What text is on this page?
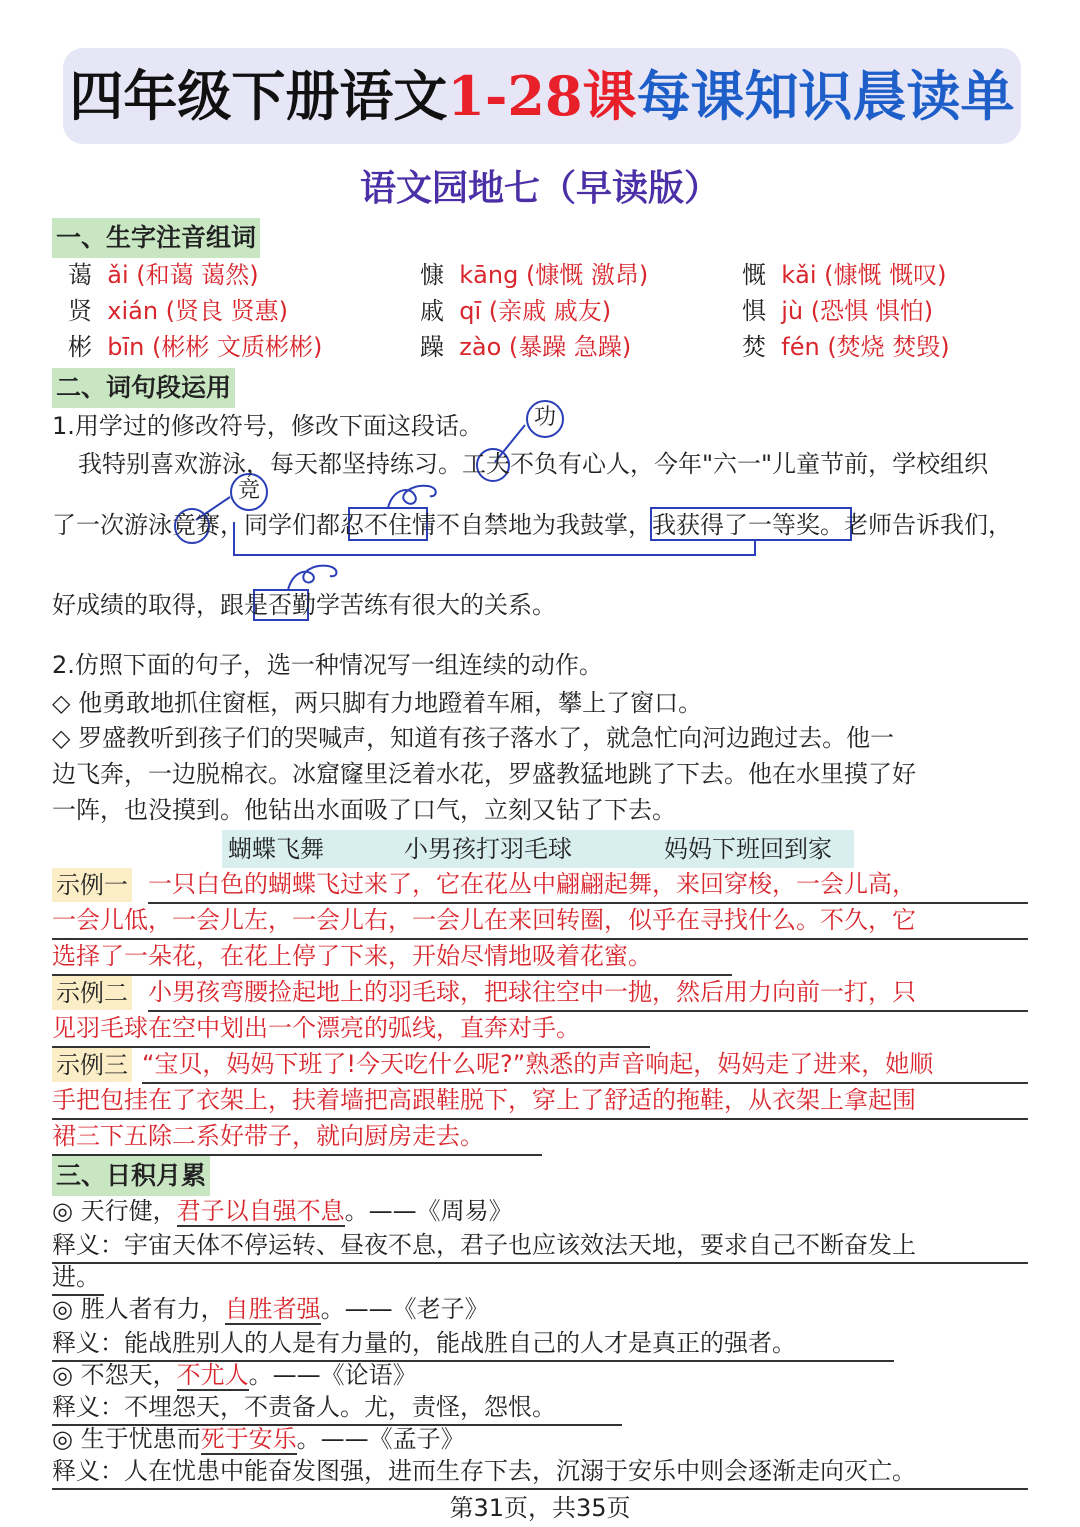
四年级下册语文1-28课每课知识晨读单
语文园地七（早读版）
一、生字注音组词
蔼 ǎi (和蔼 蔼然)	慷 kāng (慷慨 激昂)	慨 kǎi (慷慨 慨叹)
贤 xián (贤良 贤惠)	戚 qī (亲戚 戚友)	惧 jù (恐惧 惧怕)
彬 bīn (彬彬 文质彬彬)	躁 zào (暴躁 急躁)	焚 fén (焚烧 焚毁)
二、词句段运用
1.用学过的修改符号，修改下面这段话。	功
竞
我特别喜欢游泳，每天都坚持练习。工夫不负有心人，今年"六一"儿童节前，学校组织
了一次游泳竟赛，同学们都忍不住情不自禁地为我鼓掌，我获得了一等奖。老师告诉我们，
好成绩的取得，跟是否勤学苦练有很大的关系。
2.仿照下面的句子，选一种情况写一组连续的动作。
◇ 他勇敢地抓住窗框，两只脚有力地蹬着车厢，攀上了窗口。
◇ 罗盛教听到孩子们的哭喊声，知道有孩子落水了，就急忙向河边跑过去。他一
边飞奔，一边脱棉衣。冰窟窿里泛着水花，罗盛教猛地跳了下去。他在水里摸了好
一阵，也没摸到。他钻出水面吸了口气，立刻又钻了下去。
蝴蝶飞舞	小男孩打羽毛球	妈妈下班回到家
示例一 一只白色的蝴蝶飞过来了，它在花丛中翩翩起舞，来回穿梭，一会儿高，
一会儿低，一会儿左，一会儿右，一会儿在来回转圈，似乎在寻找什么。不久，它
选择了一朵花，在花上停了下来，开始尽情地吸着花蜜。
示例二 小男孩弯腰捡起地上的羽毛球，把球往空中一抛，然后用力向前一打，只
见羽毛球在空中划出一个漂亮的弧线，直奔对手。
示例三 “宝贝，妈妈下班了!今天吃什么呢?”熟悉的声音响起，妈妈走了进来，她顺
手把包挂在了衣架上，扶着墙把高跟鞋脱下，穿上了舒适的拖鞋，从衣架上拿起围
裙三下五除二系好带子，就向厨房走去。
三、日积月累
◎ 天行健，君子以自强不息。——《周易》
释义：宇宙天体不停运转、昼夜不息，君子也应该效法天地，要求自己不断奋发上
进。
◎ 胜人者有力，自胜者强。——《老子》
释义：能战胜别人的人是有力量的，能战胜自己的人才是真正的强者。
◎ 不怨天，不尤人。——《论语》
释义：不埋怨天，不责备人。尤，责怪，怨恨。
◎ 生于忧患而死于安乐。——《孟子》
释义：人在忧患中能奋发图强，进而生存下去，沉溺于安乐中则会逐渐走向灭亡。
第31页，共35页
